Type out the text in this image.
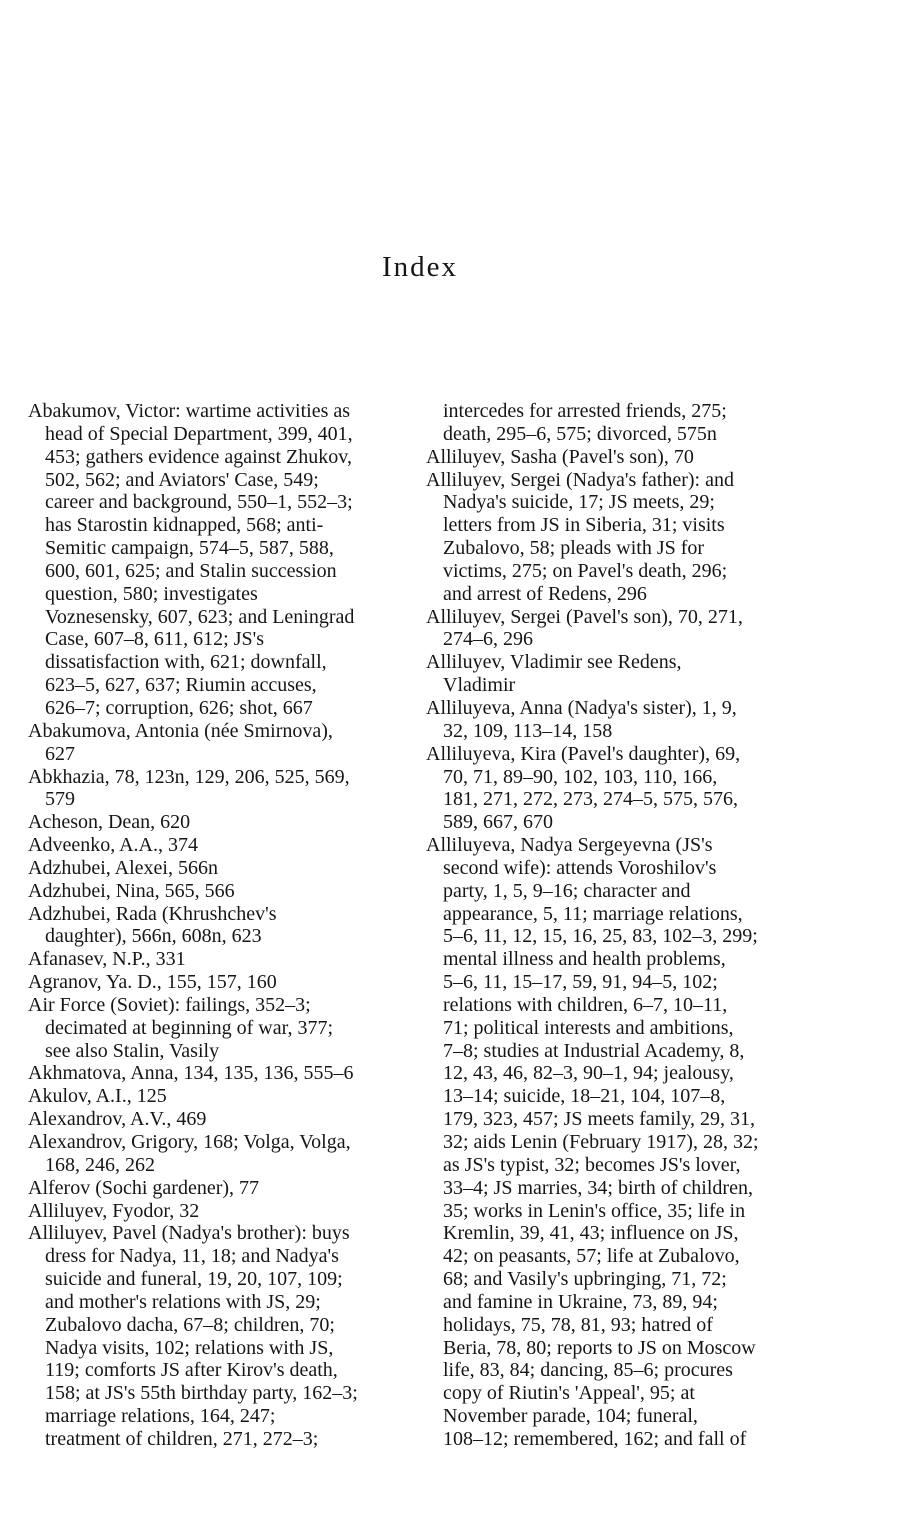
Index

Abakumov, Victor: wartime activities as
head of Special Department, 399, 401,
453; gathers evidence against Zhukov,
502, 562; and Aviators' Case, 549;
career and background, 550–1, 552–3;
has Starostin kidnapped, 568; anti-
Semitic campaign, 574–5, 587, 588,
600, 601, 625; and Stalin succession
question, 580; investigates
Voznesensky, 607, 623; and Leningrad
Case, 607–8, 611, 612; JS's
dissatisfaction with, 621; downfall,
623–5, 627, 637; Riumin accuses,
626–7; corruption, 626; shot, 667

Abakumova, Antonia (née Smirnova),
627

Abkhazia, 78, 123n, 129, 206, 525, 569,
579

Acheson, Dean, 620

Adveenko, A.A., 374

Adzhubei, Alexei, 566n

Adzhubei, Nina, 565, 566

Adzhubei, Rada (Khrushchev's
daughter), 566n, 608n, 623

Afanasev, N.P., 331

Agranov, Ya. D., 155, 157, 160

Air Force (Soviet): failings, 352–3;
decimated at beginning of war, 377;
see also Stalin, Vasily

Akhmatova, Anna, 134, 135, 136, 555–6

Akulov, A.I., 125

Alexandrov, A.V., 469

Alexandrov, Grigory, 168; Volga, Volga,
168, 246, 262

Alferov (Sochi gardener), 77

Alliluyev, Fyodor, 32

Alliluyev, Pavel (Nadya's brother): buys
dress for Nadya, 11, 18; and Nadya's
suicide and funeral, 19, 20, 107, 109;
and mother's relations with JS, 29;
Zubalovo dacha, 67–8; children, 70;
Nadya visits, 102; relations with JS,
119; comforts JS after Kirov's death,
158; at JS's 55th birthday party, 162–3;
marriage relations, 164, 247;
treatment of children, 271, 272–3;

intercedes for arrested friends, 275;
death, 295–6, 575; divorced, 575n

Alliluyev, Sasha (Pavel's son), 70

Alliluyev, Sergei (Nadya's father): and
Nadya's suicide, 17; JS meets, 29;
letters from JS in Siberia, 31; visits
Zubalovo, 58; pleads with JS for
victims, 275; on Pavel's death, 296;
and arrest of Redens, 296

Alliluyev, Sergei (Pavel's son), 70, 271,
274–6, 296

Alliluyev, Vladimir see Redens,
Vladimir

Alliluyeva, Anna (Nadya's sister), 1, 9,
32, 109, 113–14, 158

Alliluyeva, Kira (Pavel's daughter), 69,
70, 71, 89–90, 102, 103, 110, 166,
181, 271, 272, 273, 274–5, 575, 576,
589, 667, 670

Alliluyeva, Nadya Sergeyevna (JS's
second wife): attends Voroshilov's
party, 1, 5, 9–16; character and
appearance, 5, 11; marriage relations,
5–6, 11, 12, 15, 16, 25, 83, 102–3, 299;
mental illness and health problems,
5–6, 11, 15–17, 59, 91, 94–5, 102;
relations with children, 6–7, 10–11,
71; political interests and ambitions,
7–8; studies at Industrial Academy, 8,
12, 43, 46, 82–3, 90–1, 94; jealousy,
13–14; suicide, 18–21, 104, 107–8,
179, 323, 457; JS meets family, 29, 31,
32; aids Lenin (February 1917), 28, 32;
as JS's typist, 32; becomes JS's lover,
33–4; JS marries, 34; birth of children,
35; works in Lenin's office, 35; life in
Kremlin, 39, 41, 43; influence on JS,
42; on peasants, 57; life at Zubalovo,
68; and Vasily's upbringing, 71, 72;
and famine in Ukraine, 73, 89, 94;
holidays, 75, 78, 81, 93; hatred of
Beria, 78, 80; reports to JS on Moscow
life, 83, 84; dancing, 85–6; procures
copy of Riutin's 'Appeal', 95; at
November parade, 104; funeral,
108–12; remembered, 162; and fall of
